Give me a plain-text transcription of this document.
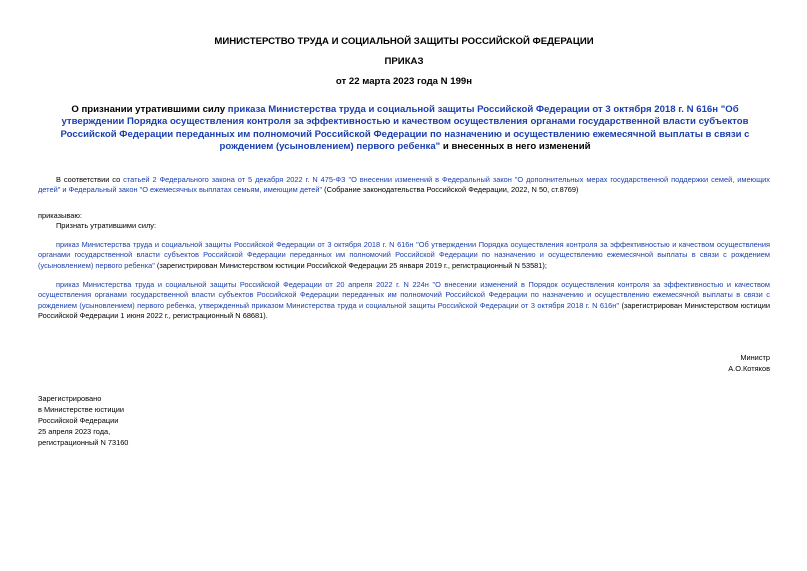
МИНИСТЕРСТВО ТРУДА И СОЦИАЛЬНОЙ ЗАЩИТЫ РОССИЙСКОЙ ФЕДЕРАЦИИ
ПРИКАЗ
от 22 марта 2023 года N 199н
О признании утратившими силу приказа Министерства труда и социальной защиты Российской Федерации от 3 октября 2018 г. N 616н "Об утверждении Порядка осуществления контроля за эффективностью и качеством осуществления органами государственной власти субъектов Российской Федерации переданных им полномочий Российской Федерации по назначению и осуществлению ежемесячной выплаты в связи с рождением (усыновлением) первого ребенка" и внесенных в него изменений
В соответствии со статьей 2 Федерального закона от 5 декабря 2022 г. N 475-ФЗ "О внесении изменений в Федеральный закон "О дополнительных мерах государственной поддержки семей, имеющих детей" и Федеральный закон "О ежемесячных выплатах семьям, имеющим детей" (Собрание законодательства Российской Федерации, 2022, N 50, ст.8769)
приказываю:
Признать утратившими силу:
приказ Министерства труда и социальной защиты Российской Федерации от 3 октября 2018 г. N 616н "Об утверждении Порядка осуществления контроля за эффективностью и качеством осуществления органами государственной власти субъектов Российской Федерации переданных им полномочий Российской Федерации по назначению и осуществлению ежемесячной выплаты в связи с рождением (усыновлением) первого ребенка" (зарегистрирован Министерством юстиции Российской Федерации 25 января 2019 г., регистрационный N 53581);
приказ Министерства труда и социальной защиты Российской Федерации от 20 апреля 2022 г. N 224н "О внесении изменений в Порядок осуществления контроля за эффективностью и качеством осуществления органами государственной власти субъектов Российской Федерации переданных им полномочий Российской Федерации по назначению и осуществлению ежемесячной выплаты в связи с рождением (усыновлением) первого ребенка, утвержденный приказом Министерства труда и социальной защиты Российской Федерации от 3 октября 2018 г. N 616н" (зарегистрирован Министерством юстиции Российской Федерации 1 июня 2022 г., регистрационный N 68681).
Министр
А.О.Котяков
Зарегистрировано
в Министерстве юстиции
Российской Федерации
25 апреля 2023 года,
регистрационный N 73160
